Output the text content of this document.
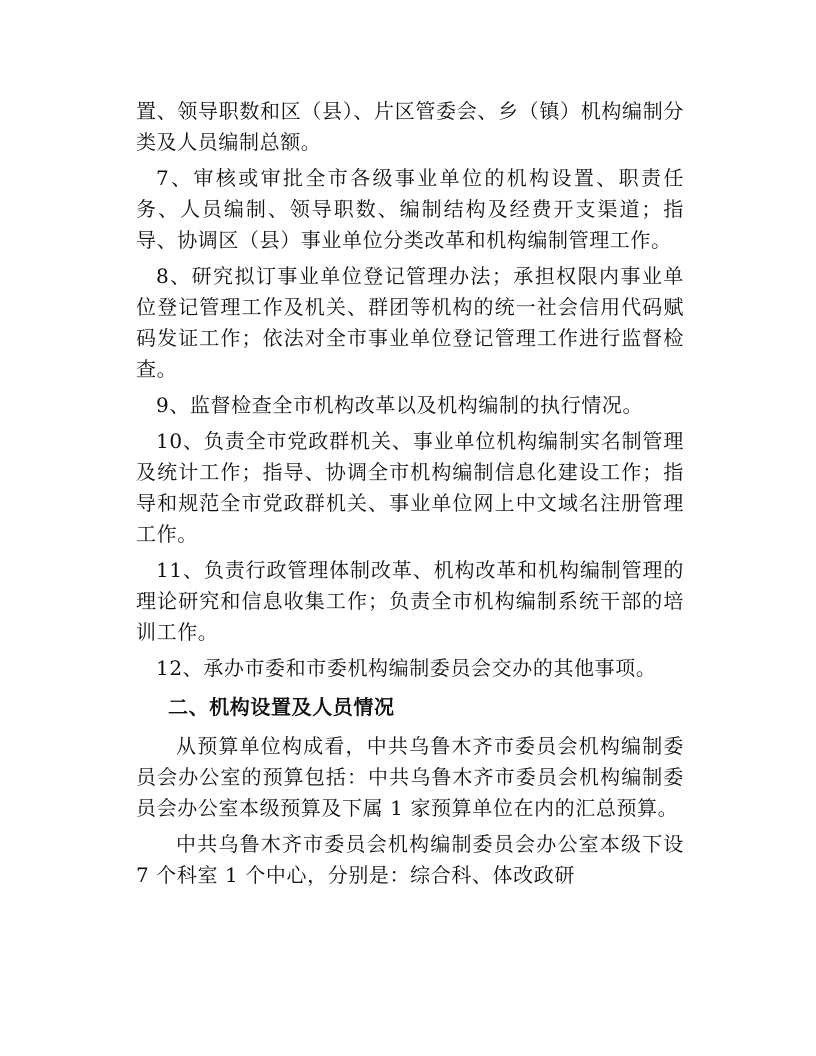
置、领导职数和区（县）、片区管委会、乡（镇）机构编制分类及人员编制总额。

7、审核或审批全市各级事业单位的机构设置、职责任务、人员编制、领导职数、编制结构及经费开支渠道；指导、协调区（县）事业单位分类改革和机构编制管理工作。

8、研究拟订事业单位登记管理办法；承担权限内事业单位登记管理工作及机关、群团等机构的统一社会信用代码赋码发证工作；依法对全市事业单位登记管理工作进行监督检查。

9、监督检查全市机构改革以及机构编制的执行情况。

10、负责全市党政群机关、事业单位机构编制实名制管理及统计工作；指导、协调全市机构编制信息化建设工作；指导和规范全市党政群机关、事业单位网上中文域名注册管理工作。

11、负责行政管理体制改革、机构改革和机构编制管理的理论研究和信息收集工作；负责全市机构编制系统干部的培训工作。

12、承办市委和市委机构编制委员会交办的其他事项。

二、机构设置及人员情况

从预算单位构成看，中共乌鲁木齐市委员会机构编制委员会办公室的预算包括：中共乌鲁木齐市委员会机构编制委员会办公室本级预算及下属 1 家预算单位在内的汇总预算。

中共乌鲁木齐市委员会机构编制委员会办公室本级下设 7 个科室 1 个中心，分别是：综合科、体改政研
